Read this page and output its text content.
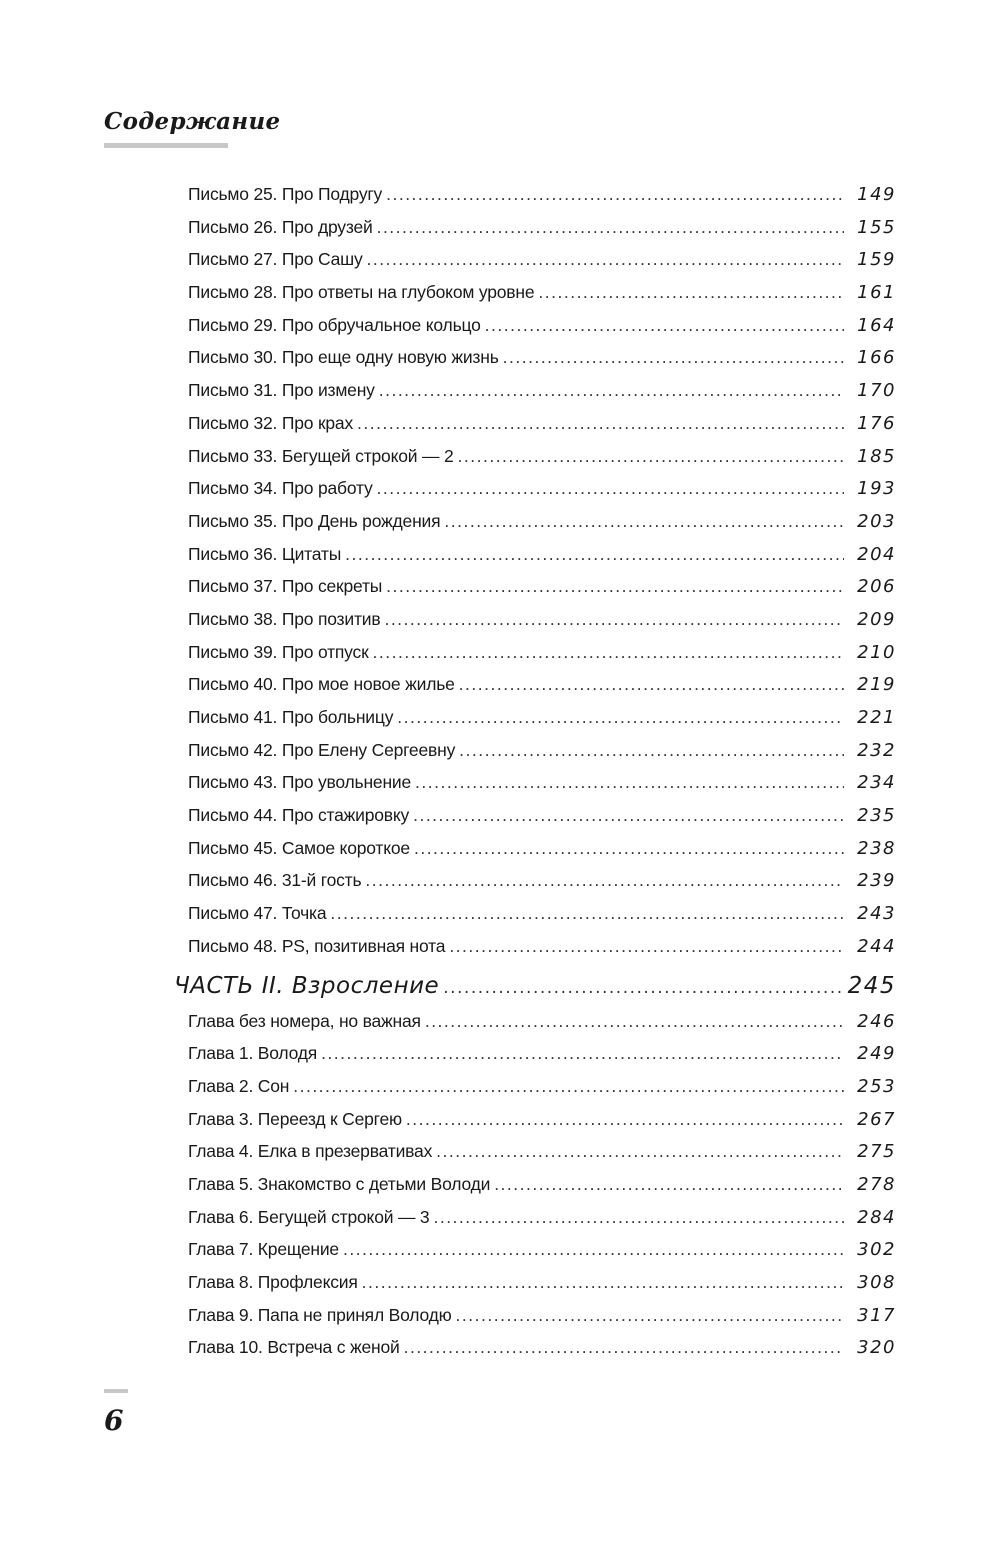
Содержание
Письмо 25. Про Подругу .....	149
Письмо 26. Про друзей .....	155
Письмо 27. Про Сашу .....	159
Письмо 28. Про ответы на глубоком уровне .....	161
Письмо 29. Про обручальное кольцо .....	164
Письмо 30. Про еще одну новую жизнь .....	166
Письмо 31. Про измену .....	170
Письмо 32. Про крах .....	176
Письмо 33. Бегущей строкой — 2 .....	185
Письмо 34. Про работу .....	193
Письмо 35. Про День рождения .....	203
Письмо 36. Цитаты .....	204
Письмо 37. Про секреты .....	206
Письмо 38. Про позитив .....	209
Письмо 39. Про отпуск .....	210
Письмо 40. Про мое новое жилье .....	219
Письмо 41. Про больницу .....	221
Письмо 42. Про Елену Сергеевну .....	232
Письмо 43. Про увольнение .....	234
Письмо 44. Про стажировку .....	235
Письмо 45. Самое короткое .....	238
Письмо 46. 31-й гость .....	239
Письмо 47. Точка .....	243
Письмо 48. PS, позитивная нота .....	244
ЧАСТЬ II. Взросление .....	245
Глава без номера, но важная .....	246
Глава 1. Володя .....	249
Глава 2. Сон .....	253
Глава 3. Переезд к Сергею .....	267
Глава 4. Елка в презервативах .....	275
Глава 5. Знакомство с детьми Володи .....	278
Глава 6. Бегущей строкой — 3 .....	284
Глава 7. Крещение .....	302
Глава 8. Профлексия .....	308
Глава 9. Папа не принял Володю .....	317
Глава 10. Встреча с женой .....	320
6
